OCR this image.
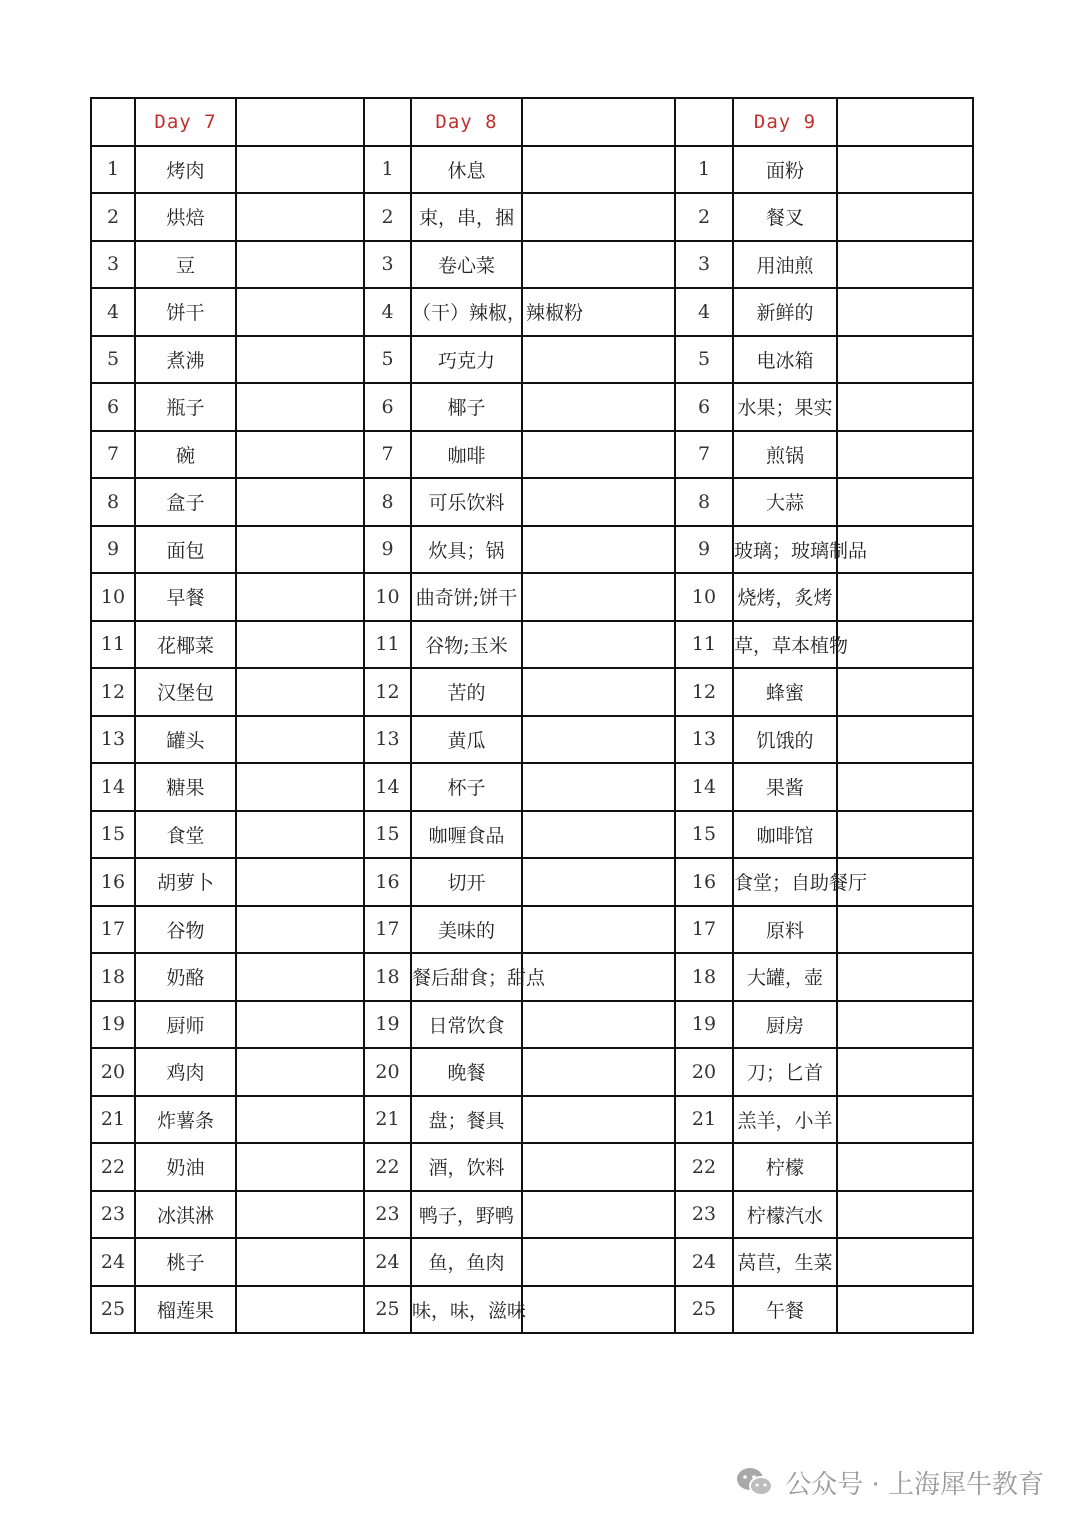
	Day 7			Day 8			Day 9	
1	烤肉		1	休息		1	面粉	
2	烘焙		2	束，串，捆		2	餐叉	
3	豆		3	卷心菜		3	用油煎	
4	饼干		4	（干）辣椒，辣椒粉		4	新鲜的	
5	煮沸		5	巧克力		5	电冰箱	
6	瓶子		6	椰子		6	水果；果实	
7	碗		7	咖啡		7	煎锅	
8	盒子		8	可乐饮料		8	大蒜	
9	面包		9	炊具；锅		9	玻璃；玻璃制品	
10	早餐		10	曲奇饼;饼干		10	烧烤，炙烤	
11	花椰菜		11	谷物;玉米		11	草，草本植物	
12	汉堡包		12	苦的		12	蜂蜜	
13	罐头		13	黄瓜		13	饥饿的	
14	糖果		14	杯子		14	果酱	
15	食堂		15	咖喱食品		15	咖啡馆	
16	胡萝卜		16	切开		16	食堂；自助餐厅	
17	谷物		17	美味的		17	原料	
18	奶酪		18	餐后甜食；甜点		18	大罐，壶	
19	厨师		19	日常饮食		19	厨房	
20	鸡肉		20	晚餐		20	刀；匕首	
21	炸薯条		21	盘；餐具		21	羔羊，小羊	
22	奶油		22	酒，饮料		22	柠檬	
23	冰淇淋		23	鸭子，野鸭		23	柠檬汽水	
24	桃子		24	鱼，鱼肉		24	莴苣，生菜	
25	榴莲果		25	味，味，滋味		25	午餐	
公众号 · 上海犀牛教育
